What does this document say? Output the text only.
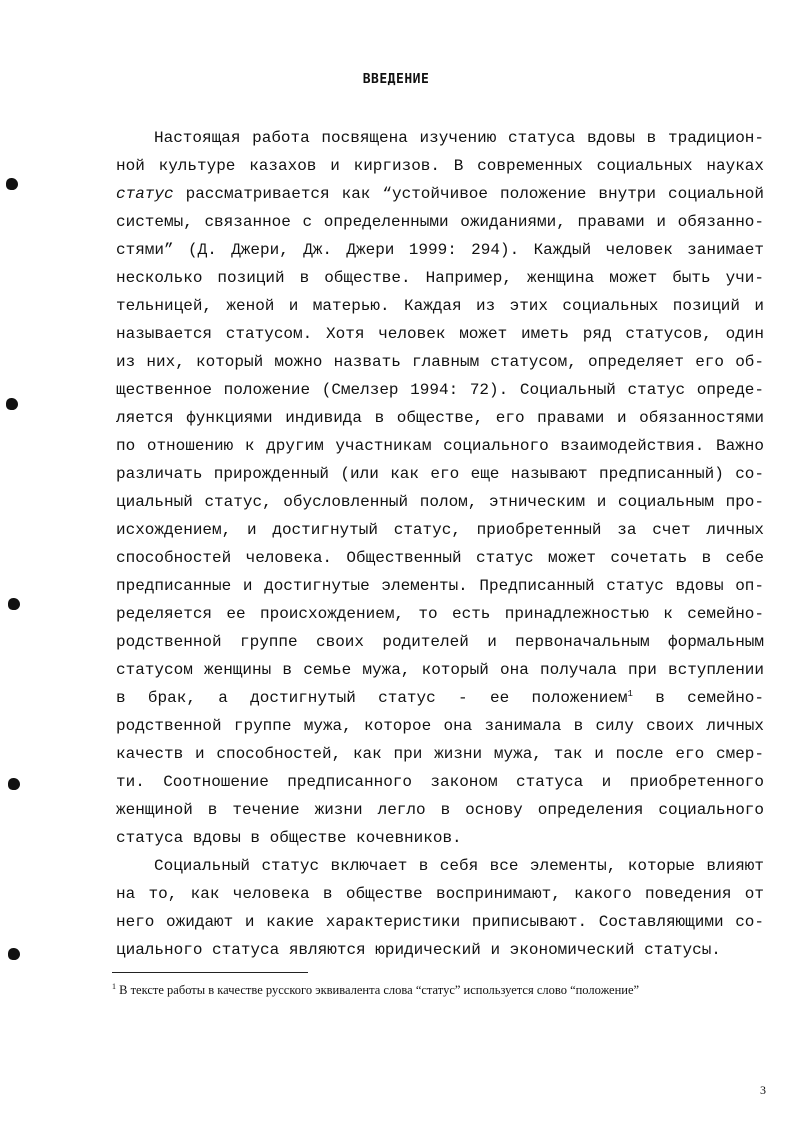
ВВЕДЕНИЕ
Настоящая работа посвящена изучению статуса вдовы в традицион-
ной культуре казахов и киргизов. В современных социальных науках
статус рассматривается как “устойчивое положение внутри социальной
системы, связанное с определенными ожиданиями, правами и обязанно-
стями” (Д. Джери, Дж. Джери 1999: 294). Каждый человек занимает
несколько позиций в обществе. Например, женщина может быть учи-
тельницей, женой и матерью. Каждая из этих социальных позиций и
называется статусом. Хотя человек может иметь ряд статусов, один
из них, который можно назвать главным статусом, определяет его об-
щественное положение (Смелзер 1994: 72). Социальный статус опреде-
ляется функциями индивида в обществе, его правами и обязанностями
по отношению к другим участникам социального взаимодействия. Важно
различать прирожденный (или как его еще называют предписанный) со-
циальный статус, обусловленный полом, этническим и социальным про-
исхождением, и достигнутый статус, приобретенный за счет личных
способностей человека. Общественный статус может сочетать в себе
предписанные и достигнутые элементы. Предписанный статус вдовы оп-
ределяется ее происхождением, то есть принадлежностью к семейно-
родственной группе своих родителей и первоначальным формальным
статусом женщины в семье мужа, который она получала при вступлении
в брак, а достигнутый статус - ее положением$^1$ в семейно-
родственной группе мужа, которое она занимала в силу своих личных
качеств и способностей, как при жизни мужа, так и после его смер-
ти. Соотношение предписанного законом статуса и приобретенного
женщиной в течение жизни легло в основу определения социального
статуса вдовы в обществе кочевников.
Социальный статус включает в себя все элементы, которые влияют
на то, как человека в обществе воспринимают, какого поведения от
него ожидают и какие характеристики приписывают. Составляющими со-
циального статуса являются юридический и экономический статусы.
$^1$ В тексте работы в качестве русского эквивалента слова “статус” используется слово “положение”
3
